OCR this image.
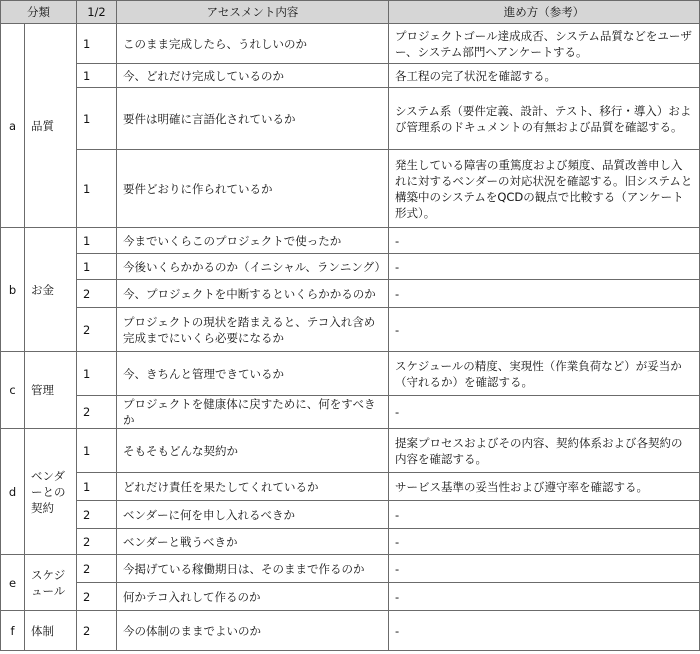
分類		1/2	アセスメント内容	進め方（参考）
a	品質	1	このまま完成したら、うれしいのか	プロジェクトゴール達成成否、システム品質などをユーザー、システム部門へアンケートする。
		1	今、どれだけ完成しているのか	各工程の完了状況を確認する。
		1	要件は明確に言語化されているか	システム系（要件定義、設計、テスト、移行・導入）および管理系のドキュメントの有無および品質を確認する。
		1	要件どおりに作られているか	発生している障害の重篤度および頻度、品質改善申し入れに対するベンダーの対応状況を確認する。旧システムと構築中のシステムをQCDの観点で比較する（アンケート形式）。
b	お金	1	今までいくらこのプロジェクトで使ったか	-
		1	今後いくらかかるのか（イニシャル、ランニング）	-
		2	今、プロジェクトを中断するといくらかかるのか	-
		2	プロジェクトの現状を踏まえると、テコ入れ含め完成までにいくら必要になるか	-
c	管理	1	今、きちんと管理できているか	スケジュールの精度、実現性（作業負荷など）が妥当か（守れるか）を確認する。
		2	プロジェクトを健康体に戻すために、何をすべきか	-
d	ベンダーとの契約	1	そもそもどんな契約か	提案プロセスおよびその内容、契約体系および各契約の内容を確認する。
		1	どれだけ責任を果たしてくれているか	サービス基準の妥当性および遵守率を確認する。
		2	ベンダーに何を申し入れるべきか	-
		2	ベンダーと戦うべきか	-
e	スケジュール	2	今掲げている稼働期日は、そのままで作るのか	-
		2	何かテコ入れして作るのか	-
f	体制	2	今の体制のままでよいのか	-
